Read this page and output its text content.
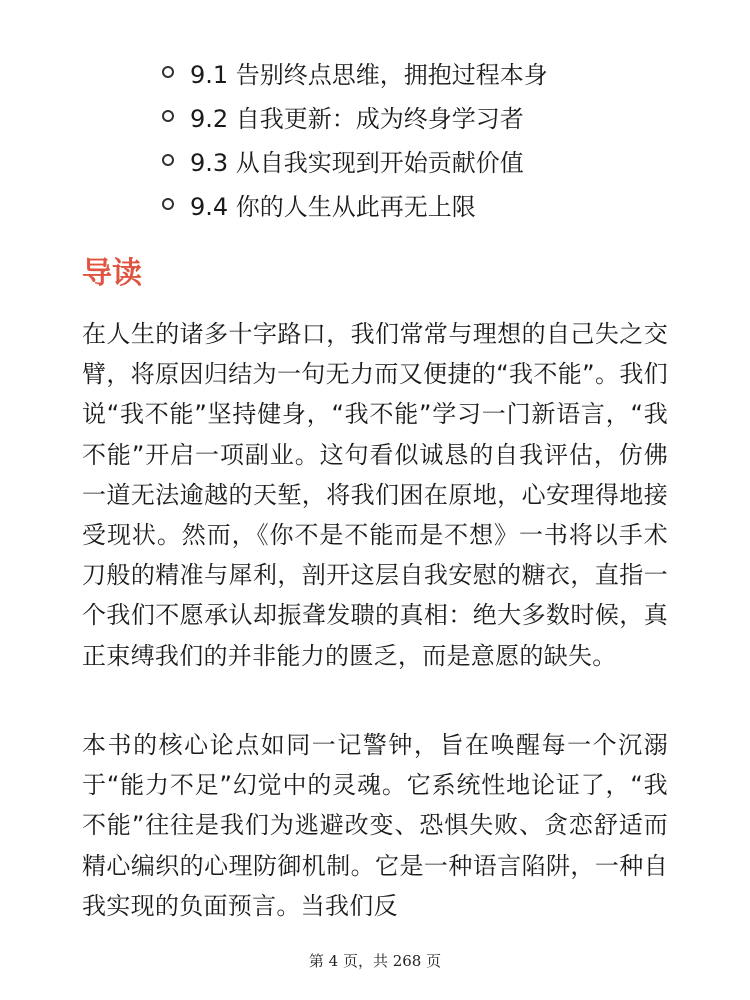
9.1 告别终点思维，拥抱过程本身
9.2 自我更新：成为终身学习者
9.3 从自我实现到开始贡献价值
9.4 你的人生从此再无上限
导读

在人生的诸多十字路口，我们常常与理想的自己失之交臂，将原因归结为一句无力而又便捷的“我不能”。我们说“我不能”坚持健身，“我不能”学习一门新语言，“我不能”开启一项副业。这句看似诚恳的自我评估，仿佛一道无法逾越的天堑，将我们困在原地，心安理得地接受现状。然而，《你不是不能而是不想》一书将以手术刀般的精准与犀利，剖开这层自我安慰的糖衣，直指一个我们不愿承认却振聋发聩的真相：绝大多数时候，真正束缚我们的并非能力的匮乏，而是意愿的缺失。

本书的核心论点如同一记警钟，旨在唤醒每一个沉溺于“能力不足”幻觉中的灵魂。它系统性地论证了，“我不能”往往是我们为逃避改变、恐惧失败、贪恋舒适而精心编织的心理防御机制。它是一种语言陷阱，一种自我实现的负面预言。当我们反

第 4 页，共 268 页
